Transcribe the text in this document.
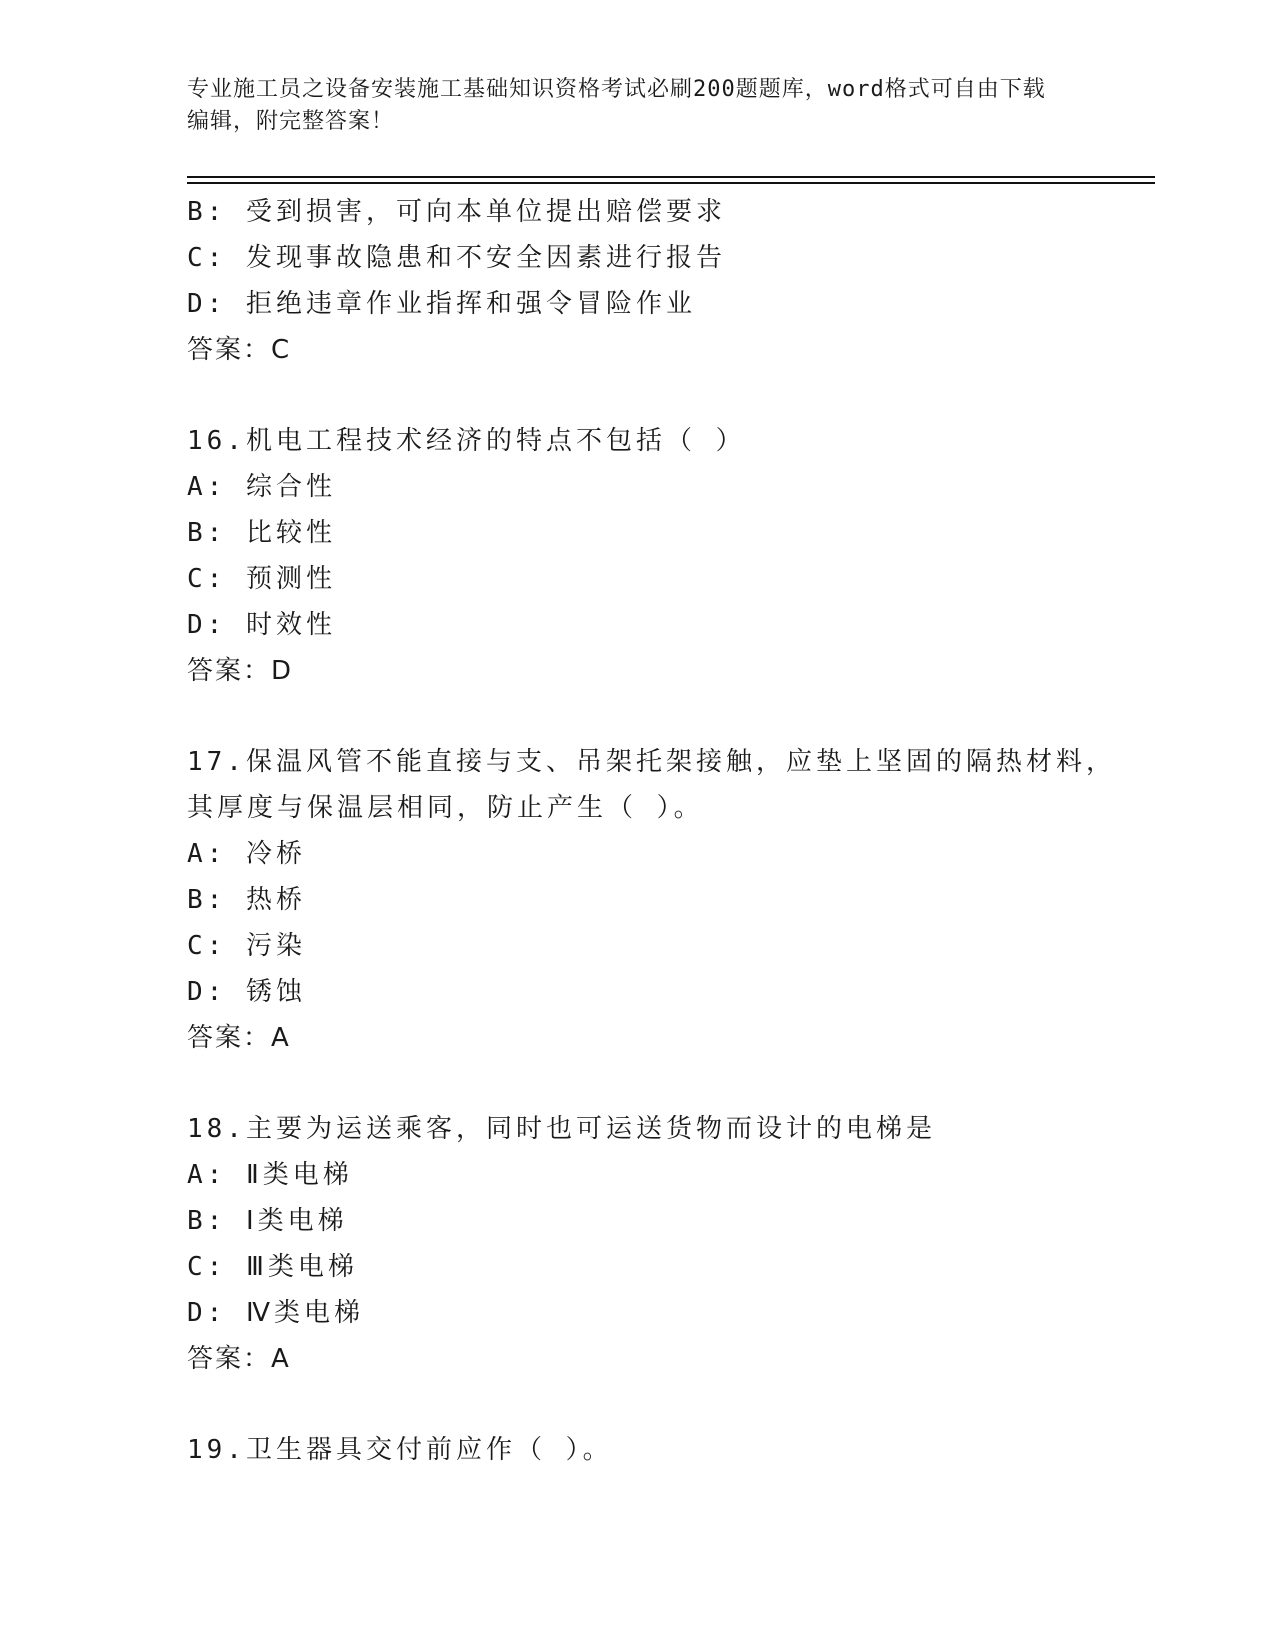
专业施工员之设备安装施工基础知识资格考试必刷200题题库，word格式可自由下载编辑，附完整答案！
B: 受到损害，可向本单位提出赔偿要求
C: 发现事故隐患和不安全因素进行报告
D: 拒绝违章作业指挥和强令冒险作业
答案：C
16.机电工程技术经济的特点不包括（ ）
A: 综合性
B: 比较性
C: 预测性
D: 时效性
答案：D
17.保温风管不能直接与支、吊架托架接触，应垫上坚固的隔热材料，
其厚度与保温层相同，防止产生（ ）。
A: 冷桥
B: 热桥
C: 污染
D: 锈蚀
答案：A
18.主要为运送乘客，同时也可运送货物而设计的电梯是
A: Ⅱ类电梯
B: Ⅰ类电梯
C: Ⅲ类电梯
D: Ⅳ类电梯
答案：A
19.卫生器具交付前应作（ ）。
